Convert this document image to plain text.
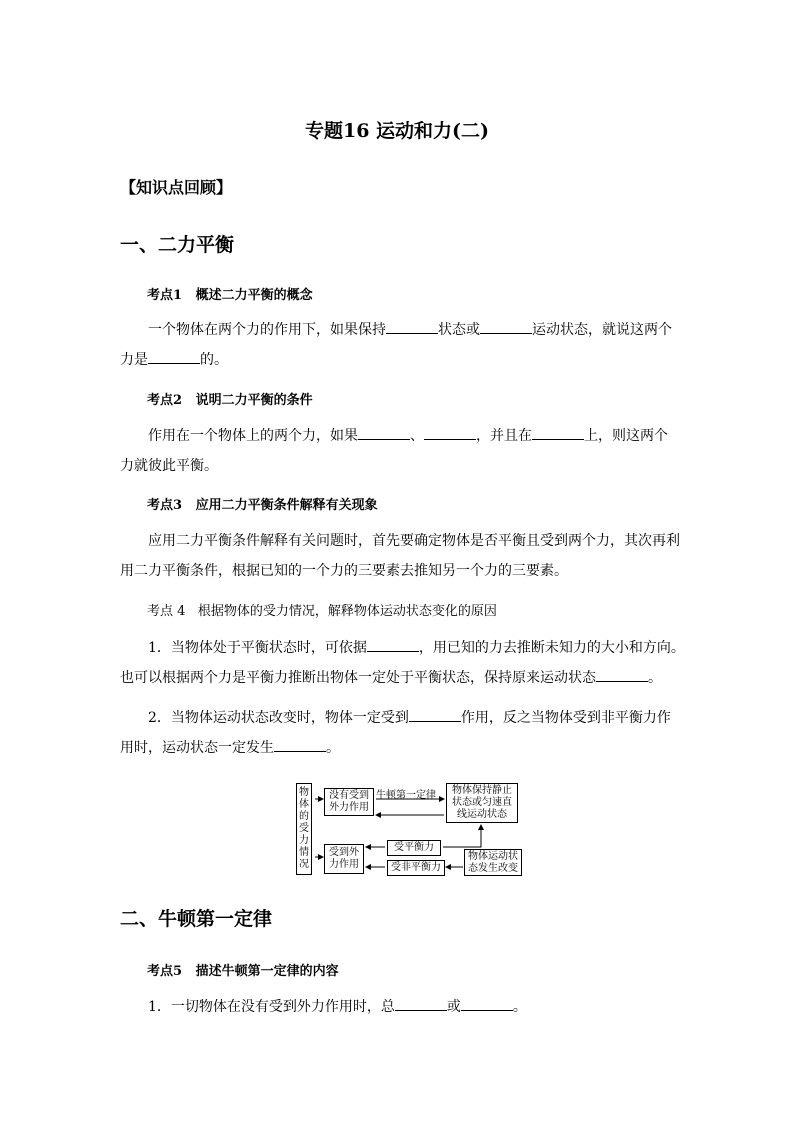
专题16 运动和力(二)
【知识点回顾】
一、二力平衡
考点1 概述二力平衡的概念
一个物体在两个力的作用下，如果保持	状态或	运动状态，就说这两个
力是	的。
考点2 说明二力平衡的条件
作用在一个物体上的两个力，如果	、	，并且在	上，则这两个
力就彼此平衡。
考点3 应用二力平衡条件解释有关现象
应用二力平衡条件解释有关问题时，首先要确定物体是否平衡且受到两个力，其次再利
用二力平衡条件，根据已知的一个力的三要素去推知另一个力的三要素。
考点 4 根据物体的受力情况，解释物体运动状态变化的原因
1．当物体处于平衡状态时，可依据	，用已知的力去推断未知力的大小和方向。
也可以根据两个力是平衡力推断出物体一定处于平衡状态，保持原来运动状态	。
2．当物体运动状态改变时，物体一定受到	作用，反之当物体受到非平衡力作
用时，运动状态一定发生	。
物
体
的
受
力
情
况
没有受到
外力作用
牛顿第一定律	物体保持静止
状态或匀速直
线运动状态
受到外
力作用
受平衡力
受非平衡力
物体运动状
态发生改变
二、牛顿第一定律
考点5 描述牛顿第一定律的内容
1．一切物体在没有受到外力作用时，总	或	。
